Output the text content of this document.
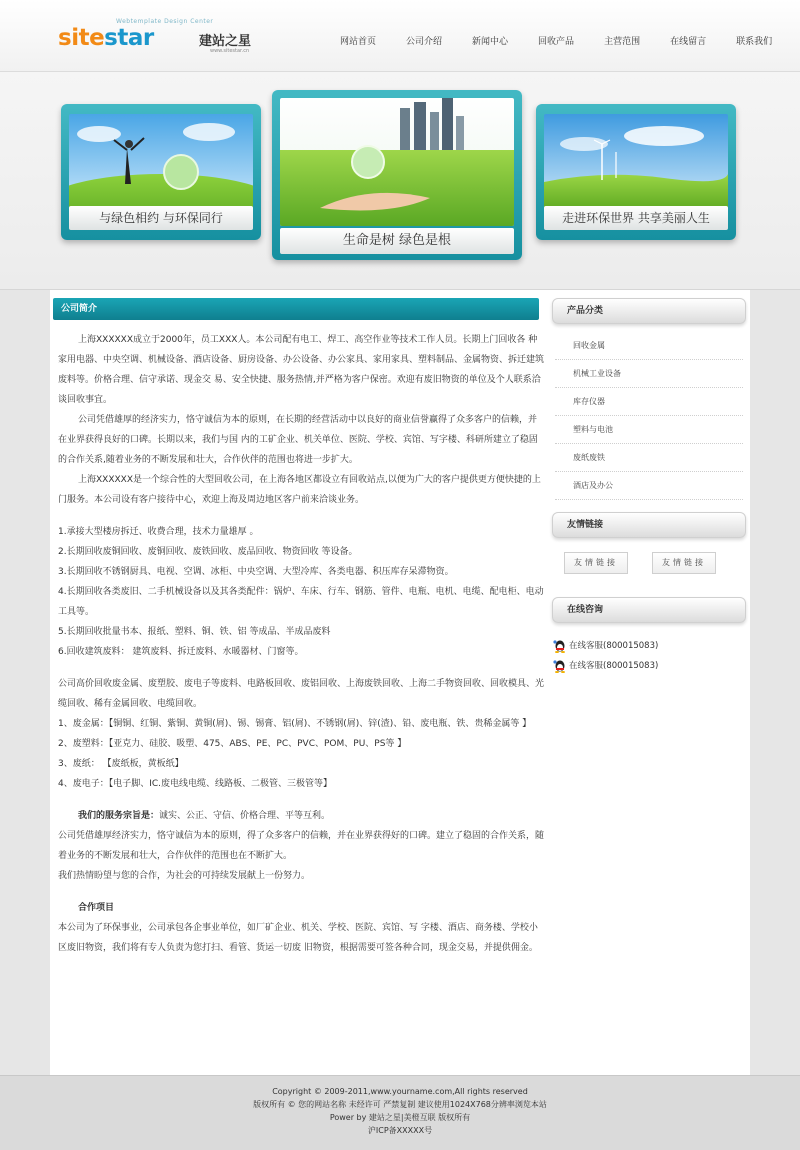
Webtemplate Design Center
sitestar	建站之星
www.sitestar.cn
网站首页	公司介绍	新闻中心	回收产品	主营范围	在线留言	联系我们
与绿色相约 与环保同行
生命是树 绿色是根
走进环保世界 共享美丽人生
公司简介

上海XXXXXX成立于2000年，员工XXX人。本公司配有电工、焊工、高空作业等技术工作人员。长期上门回收各 种家用电器、中央空调、机械设备、酒店设备、厨房设备、办公设备、办公家具、家用家具、塑料制品、金属物资、拆迁建筑废料等。价格合理、信守承诺、现金交 易、安全快捷、服务热情,并严格为客户保密。欢迎有废旧物资的单位及个人联系洽谈回收事宜。

公司凭借雄厚的经济实力，恪守诚信为本的原则，在长期的经营活动中以良好的商业信誉赢得了众多客户的信赖，并在业界获得良好的口碑。长期以来，我们与国 内的工矿企业、机关单位、医院、学校、宾馆、写字楼、科研所建立了稳固的合作关系,随着业务的不断发展和壮大，合作伙伴的范围也将进一步扩大。

上海XXXXXX是一个综合性的大型回收公司，在上海各地区都设立有回收站点,以便为广大的客户提供更方便快捷的上门服务。本公司设有客户接待中心，欢迎上海及周边地区客户前来洽谈业务。

1.承接大型楼房拆迁、收费合理，技术力量雄厚 。

2.长期回收废铜回收、废铜回收、废铁回收、废品回收、物资回收 等设备。

3.长期回收不锈钢厨具、电视、空调、冰柜、中央空调、大型冷库、各类电器、积压库存呆滞物资。

4.长期回收各类废旧、二手机械设备以及其各类配件：锅炉、车床、行车、钢筋、管件、电瓶、电机、电缆、配电柜、电动工具等。

5.长期回收批量书本、报纸、塑料、铜、铁、铝 等成品、半成品废料

6.回收建筑废料： 建筑废料、拆迁废料、水暖器材、门窗等。

公司高价回收废金属、废塑胶、废电子等废料、电路板回收、废铝回收、上海废铁回收、上海二手物资回收、回收模具、光缆回收、稀有金属回收、电缆回收。

1、废金属：【铜铜、红铜、紫铜、黄铜(屑)、锡、锡膏、铝(屑)、不锈钢(屑)、锌(渣)、铅、废电瓶、铁、贵稀金属等 】

2、废塑料：【亚克力、硅胶、吸塑、475、ABS、PE、PC、PVC、POM、PU、PS等 】

3、废纸： 【废纸板，黄板纸】

4、废电子：【电子脚、IC.废电线电缆、线路板、二极管、三极管等】

我们的服务宗旨是：诚实、公正、守信、价格合理、平等互利。

公司凭借雄厚经济实力，恪守诚信为本的原则，得了众多客户的信赖，并在业界获得好的口碑。建立了稳固的合作关系，随着业务的不断发展和壮大，合作伙伴的范围也在不断扩大。

我们热情盼望与您的合作，为社会的可持续发展献上一份努力。

合作项目

本公司为了环保事业，公司承包各企事业单位，如厂矿企业、机关、学校、医院、宾馆、写 字楼、酒店、商务楼、学校小区废旧物资，我们将有专人负责为您打扫、看管、货运一切废 旧物资，根据需要可签各种合同，现金交易，并提供佣金。

产品分类
回收金属
机械工业设备
库存仪器
塑料与电池
废纸废铁
酒店及办公
友情链接
友情链接	友情链接
在线咨询
在线客服(800015083)
在线客服(800015083)
Copyright © 2009-2011,www.yourname.com,All rights reserved
版权所有 © 您的网站名称 未经许可 严禁复制 建议使用1024X768分辨率浏览本站
Power by 建站之星|美橙互联 版权所有
沪ICP备XXXXX号
